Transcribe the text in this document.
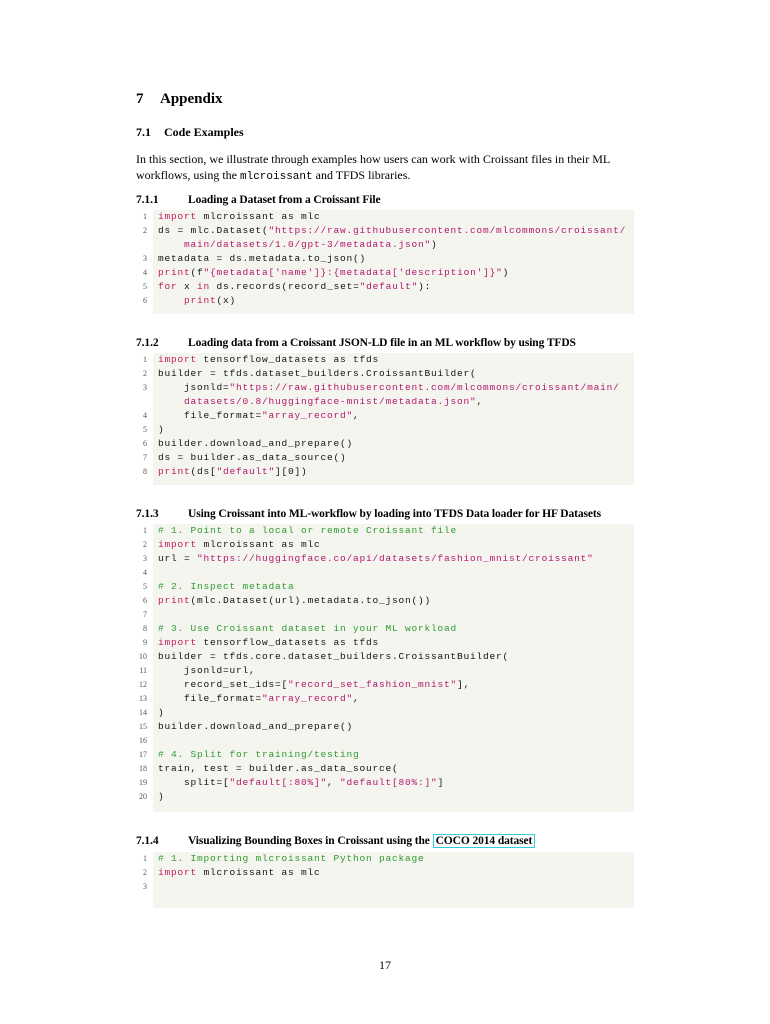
7 Appendix
7.1 Code Examples

In this section, we illustrate through examples how users can work with Croissant files in their ML workflows, using the mlcroissant and TFDS libraries.

7.1.1	Loading a Dataset from a Croissant File
1 import mlcroissant as mlc
2 ds = mlc.Dataset("https://raw.githubusercontent.com/mlcommons/croissant/
main/datasets/1.0/gpt-3/metadata.json")
3 metadata = ds.metadata.to_json()
4 print(f"{metadata['name']}:{metadata['description']}")
5 for x in ds.records(record_set="default"):
6	print(x)
7.1.2	Loading data from a Croissant JSON-LD file in an ML workflow by using TFDS
1 import tensorflow_datasets as tfds
2 builder = tfds.dataset_builders.CroissantBuilder(
3 jsonld="https://raw.githubusercontent.com/mlcommons/croissant/main/
datasets/0.8/huggingface-mnist/metadata.json",
4 file_format="array_record",
5 )
6 builder.download_and_prepare()
7 ds = builder.as_data_source()
8 print(ds["default"][0])
7.1.3	Using Croissant into ML-workflow by loading into TFDS Data loader for HF Datasets
1 # 1. Point to a local or remote Croissant file
2 import mlcroissant as mlc
3 url = "https://huggingface.co/api/datasets/fashion_mnist/croissant"
4
5 # 2. Inspect metadata
6 print(mlc.Dataset(url).metadata.to_json())
7
8 # 3. Use Croissant dataset in your ML workload
9 import tensorflow_datasets as tfds
10 builder = tfds.core.dataset_builders.CroissantBuilder(
11 jsonld=url,
12 record_set_ids=["record_set_fashion_mnist"],
13 file_format="array_record",
14 )
15 builder.download_and_prepare()
16
17 # 4. Split for training/testing
18 train, test = builder.as_data_source(
19 split=["default[:80%]", "default[80%:]"]
20 )
7.1.4	Visualizing Bounding Boxes in Croissant using the COCO 2014 dataset
1 # 1. Importing mlcroissant Python package
2 import mlcroissant as mlc
3

17
